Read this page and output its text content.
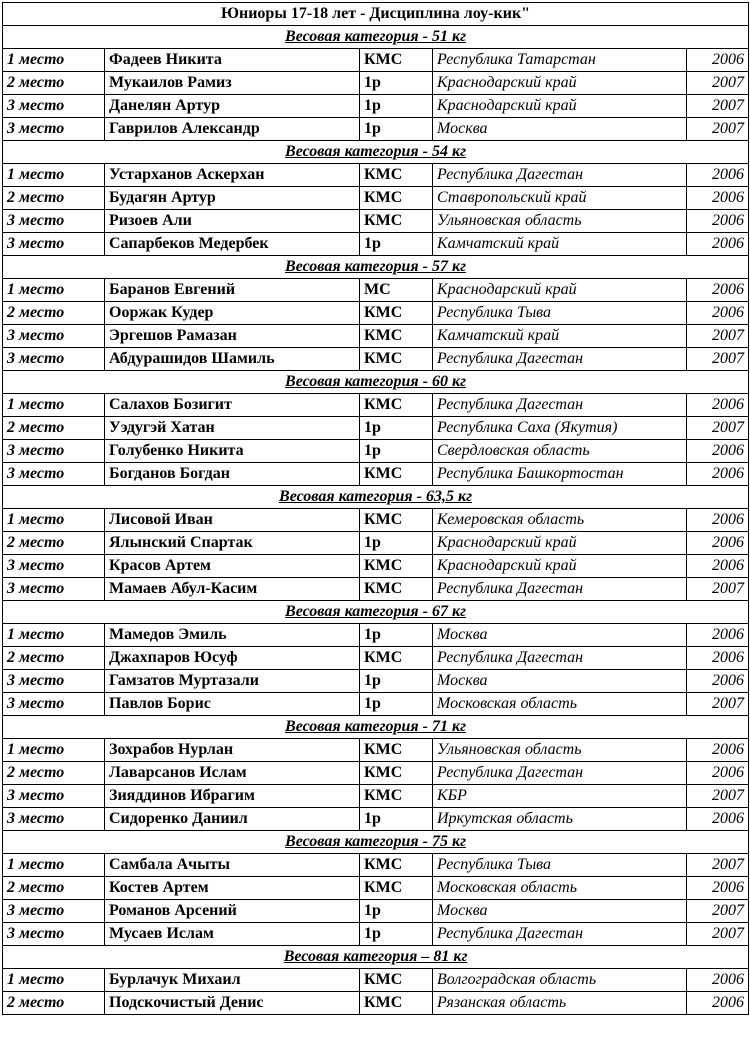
Юниоры 17-18 лет - Дисциплина лоу-кик"				
Весовая категория - 51 кг				
1 место	Фадеев Никита	КМС	Республика Татарстан	2006
2 место	Мукаилов Рамиз	1р	Краснодарский край	2007
3 место	Данелян Артур	1р	Краснодарский край	2007
3 место	Гаврилов Александр	1р	Москва	2007
Весовая категория - 54 кг				
1 место	Устарханов Аскерхан	КМС	Республика Дагестан	2006
2 место	Будагян Артур	КМС	Ставропольский край	2006
3 место	Ризоев Али	КМС	Ульяновская область	2006
3 место	Сапарбеков Медербек	1р	Камчатский край	2006
Весовая категория - 57 кг				
1 место	Баранов Евгений	МС	Краснодарский край	2006
2 место	Ооржак Кудер	КМС	Республика Тыва	2006
3 место	Эргешов Рамазан	КМС	Камчатский край	2007
3 место	Абдурашидов Шамиль	КМС	Республика Дагестан	2007
Весовая категория - 60 кг				
1 место	Салахов Бозигит	КМС	Республика Дагестан	2006
2 место	Уэдугэй Хатан	1р	Республика Саха (Якутия)	2007
3 место	Голубенко Никита	1р	Свердловская область	2006
3 место	Богданов Богдан	КМС	Республика Башкортостан	2006
Весовая категория - 63,5 кг				
1 место	Лисовой Иван	КМС	Кемеровская область	2006
2 место	Ялынский Спартак	1р	Краснодарский край	2006
3 место	Красов Артем	КМС	Краснодарский край	2006
3 место	Мамаев Абул-Касим	КМС	Республика Дагестан	2007
Весовая категория - 67 кг				
1 место	Мамедов Эмиль	1р	Москва	2006
2 место	Джахпаров Юсуф	КМС	Республика Дагестан	2006
3 место	Гамзатов Муртазали	1р	Москва	2006
3 место	Павлов Борис	1р	Московская область	2007
Весовая категория - 71 кг				
1 место	Зохрабов Нурлан	КМС	Ульяновская область	2006
2 место	Лаварсанов Ислам	КМС	Республика Дагестан	2006
3 место	Зияддинов Ибрагим	КМС	КБР	2007
3 место	Сидоренко Даниил	1р	Иркутская область	2006
Весовая категория - 75 кг				
1 место	Самбала Ачыты	КМС	Республика Тыва	2007
2 место	Костев Артем	КМС	Московская область	2006
3 место	Романов Арсений	1р	Москва	2007
3 место	Мусаев Ислам	1р	Республика Дагестан	2007
Весовая категория – 81 кг				
1 место	Бурлачук Михаил	КМС	Волгоградская область	2006
2 место	Подскочистый Денис	КМС	Рязанская область	2006
